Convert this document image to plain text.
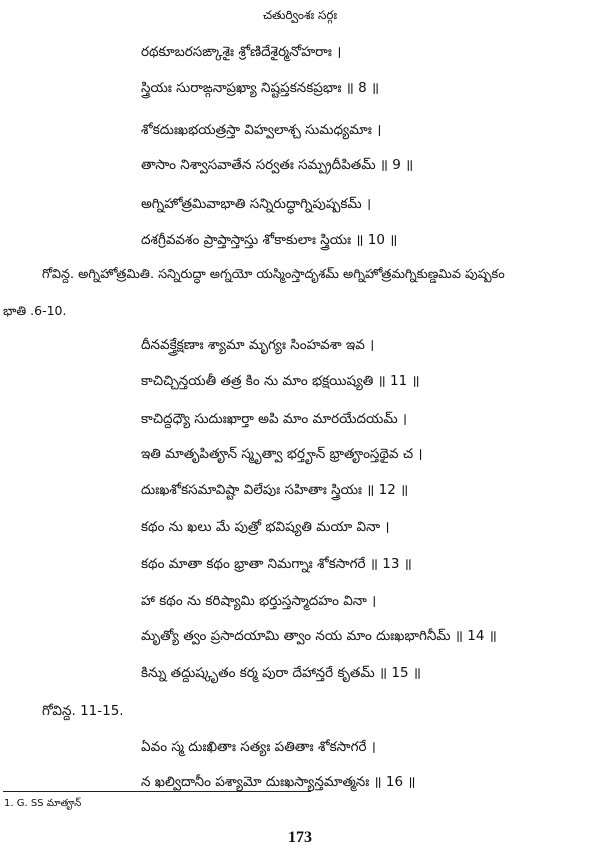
చతుర్వింశః సర్గః
రథకూబరసఙ్కాశైః శ్రోణిదేశైర్మనోహరాః ।
స్త్రియః సురాఙ్గనాప్రఖ్యా నిష్టప్తకనకప్రభాః ॥ 8 ॥
శోకదుఃఖభయత్రస్తా విహ్వలాశ్చ సుమధ్యమాః ।
తాసాం నిశ్వాసవాతేన సర్వతః సమ్ప్రదీపితమ్ ॥ 9 ॥
అగ్నిహోత్రమివాభాతి సన్నిరుద్ధాగ్నిపుష్పకమ్ ।
దశగ్రీవవశం ప్రాప్తాస్తాస్తు శోకాకులాః స్త్రియః ॥ 10 ॥
గోవిన్ద. అగ్నిహోత్రమితి. సన్నిరుద్ధా అగ్నయో యస్మింస్తాదృశమ్ అగ్నిహోత్రమగ్నికుణ్డమివ పుష్పకం
భాతి .6-10.
దీనవక్త్రేక్షణాః శ్యామా మృగ్యః సింహవశా ఇవ ।
కాచిచ్చిన్తయతీ తత్ర కిం ను మాం భక్షయిష్యతి ॥ 11 ॥
కాచిద్దధ్యౌ సుదుఃఖార్తా అపి మాం మారయేదయమ్ ।
ఇతి మాతృపితౄన్ స్మృత్వా భర్తౄన్ భ్రాతౄంస్తథైవ చ ।
దుఃఖశోకసమావిష్టా విలేపుః సహితాః స్త్రియః ॥ 12 ॥
కథం ను ఖలు మే పుత్రో భవిష్యతి మయా వినా ।
కథం మాతా కథం భ్రాతా నిమగ్నాః శోకసాగరే ॥ 13 ॥
హా కథం ను కరిష్యామి భర్తుస్తస్మాదహం వినా ।
మృత్యో త్వం ప్రసాదయామి త్వాం నయ మాం దుఃఖభాగినీమ్ ॥ 14 ॥
కిన్ను తద్దుష్కృతం కర్మ పురా దేహాన్తరే కృతమ్ ॥ 15 ॥
గోవిన్ద. 11-15.
ఏవం స్మ దుఃఖితాః సత్యః పతితాః శోకసాగరే ।
న ఖల్విదానీం పశ్యామో దుఃఖస్యాన్తమాత్మనః ॥ 16 ॥
1. G. SS మాతౄన్
173
